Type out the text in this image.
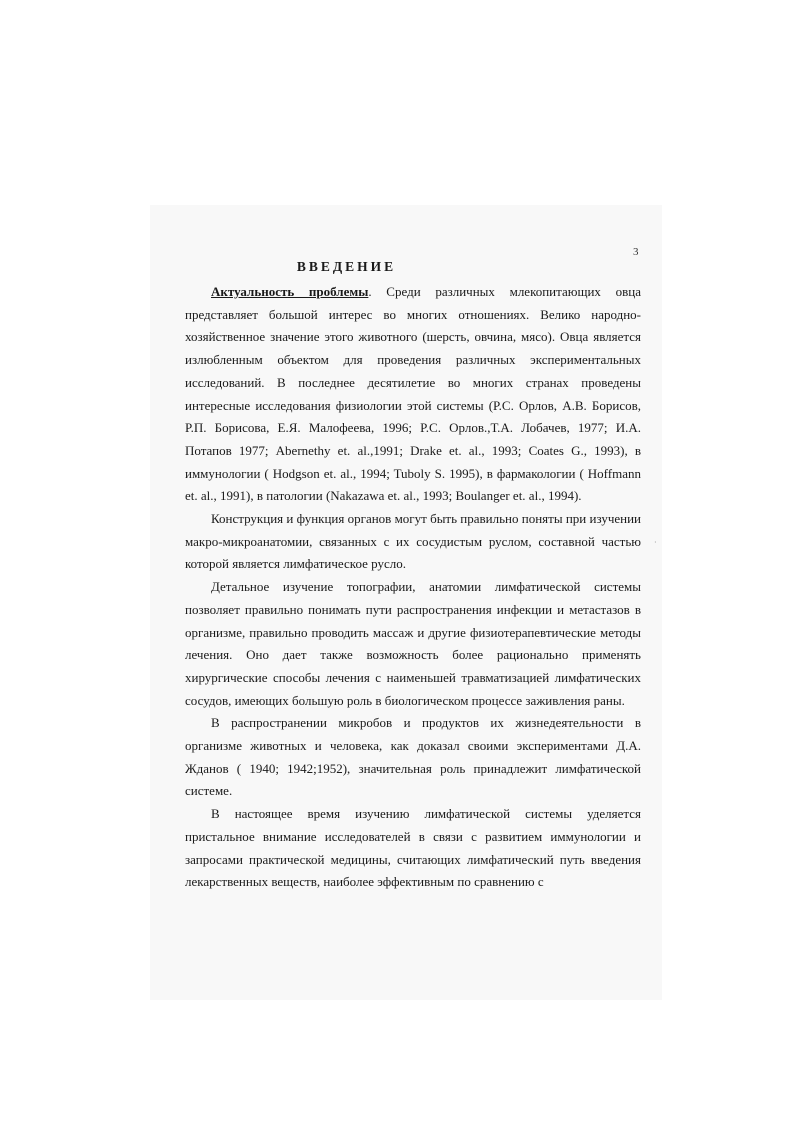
3
ВВЕДЕНИЕ
·

Актуальность проблемы. Среди различных млекопитающих овца представляет большой интерес во многих отношениях. Велико народно-хозяйственное значение этого животного (шерсть, овчина, мясо). Овца является излюбленным объектом для проведения различных экспериментальных исследований. В последнее десятилетие во многих странах проведены интересные исследования физиологии этой системы (Р.С. Орлов, А.В. Борисов, Р.П. Борисова, Е.Я. Малофеева, 1996; Р.С. Орлов.,Т.А. Лобачев, 1977; И.А. Потапов 1977; Abernethy et. al.,1991; Drake et. al., 1993; Coates G., 1993), в иммунологии ( Hodgson et. al., 1994; Tuboly S. 1995), в фармакологии ( Hoffmann et. al., 1991), в патологии (Nakazawa et. al., 1993; Boulanger et. al., 1994).

Конструкция и функция органов могут быть правильно поняты при изучении макро-микроанатомии, связанных с их сосудистым руслом, составной частью которой является лимфатическое русло.

Детальное изучение топографии, анатомии лимфатической системы позволяет правильно понимать пути распространения инфекции и метастазов в организме, правильно проводить массаж и другие физиотерапевтические методы лечения. Оно дает также возможность более рационально применять хирургические способы лечения с наименьшей травматизацией лимфатических сосудов, имеющих большую роль в биологическом процессе заживления раны.

В распространении микробов и продуктов их жизнедеятельности в организме животных и человека, как доказал своими экспериментами Д.А. Жданов ( 1940; 1942;1952), значительная роль принадлежит лимфатической системе.

В настоящее время изучению лимфатической системы уделяется пристальное внимание исследователей в связи с развитием иммунологии и запросами практической медицины, считающих лимфатический путь введения лекарственных веществ, наиболее эффективным по сравнению с
